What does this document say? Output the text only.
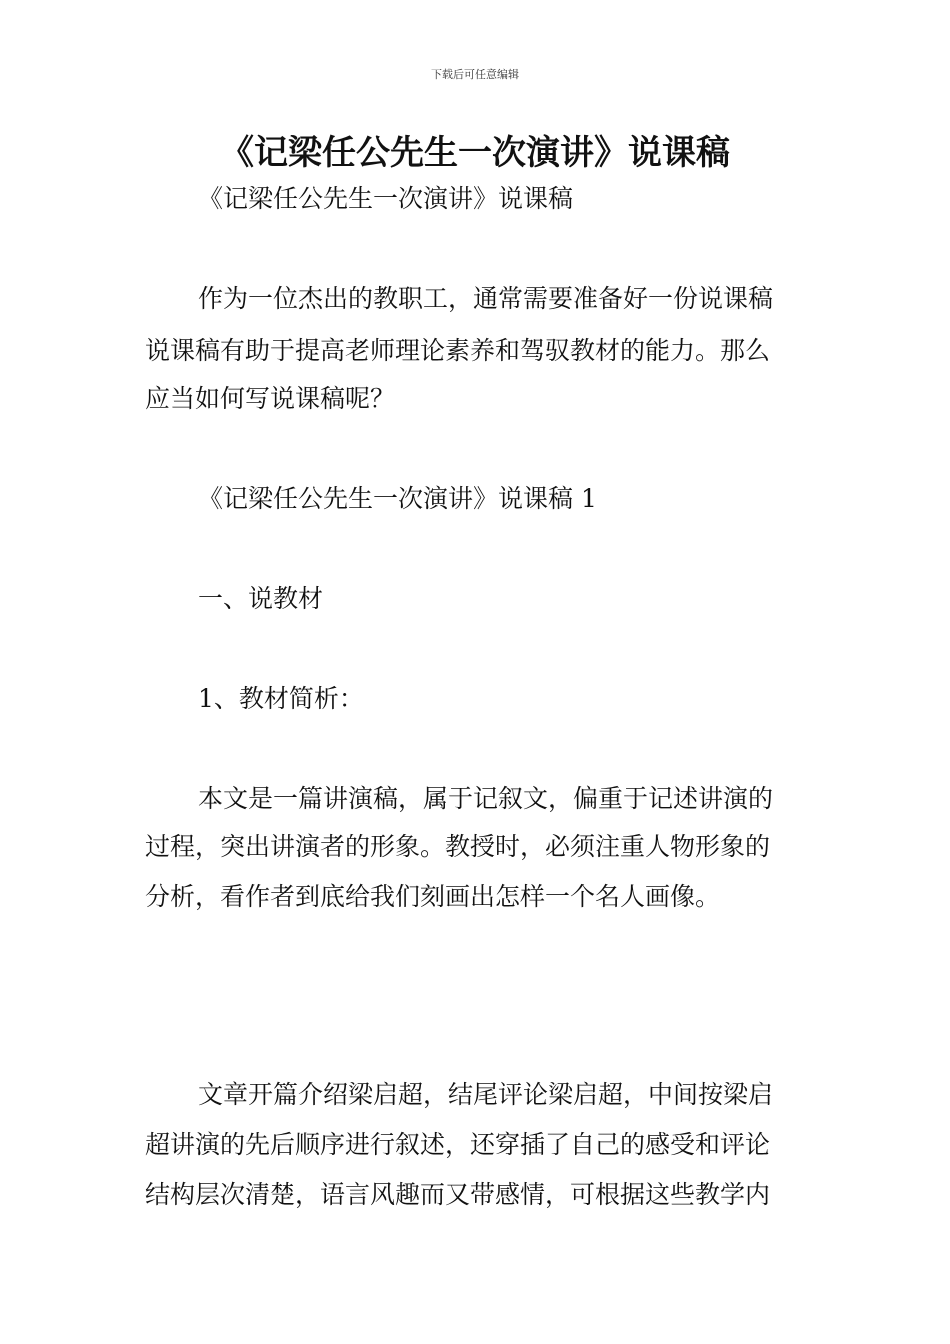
下载后可任意编辑
《记梁任公先生一次演讲》说课稿
《记梁任公先生一次演讲》说课稿
作为一位杰出的教职工，通常需要准备好一份说课稿
说课稿有助于提高老师理论素养和驾驭教材的能力。那么
应当如何写说课稿呢？
《记梁任公先生一次演讲》说课稿 1
一、说教材
1、教材简析：
本文是一篇讲演稿，属于记叙文，偏重于记述讲演的
过程，突出讲演者的形象。教授时，必须注重人物形象的
分析，看作者到底给我们刻画出怎样一个名人画像。
文章开篇介绍梁启超，结尾评论梁启超，中间按梁启
超讲演的先后顺序进行叙述，还穿插了自己的感受和评论
结构层次清楚，语言风趣而又带感情，可根据这些教学内
